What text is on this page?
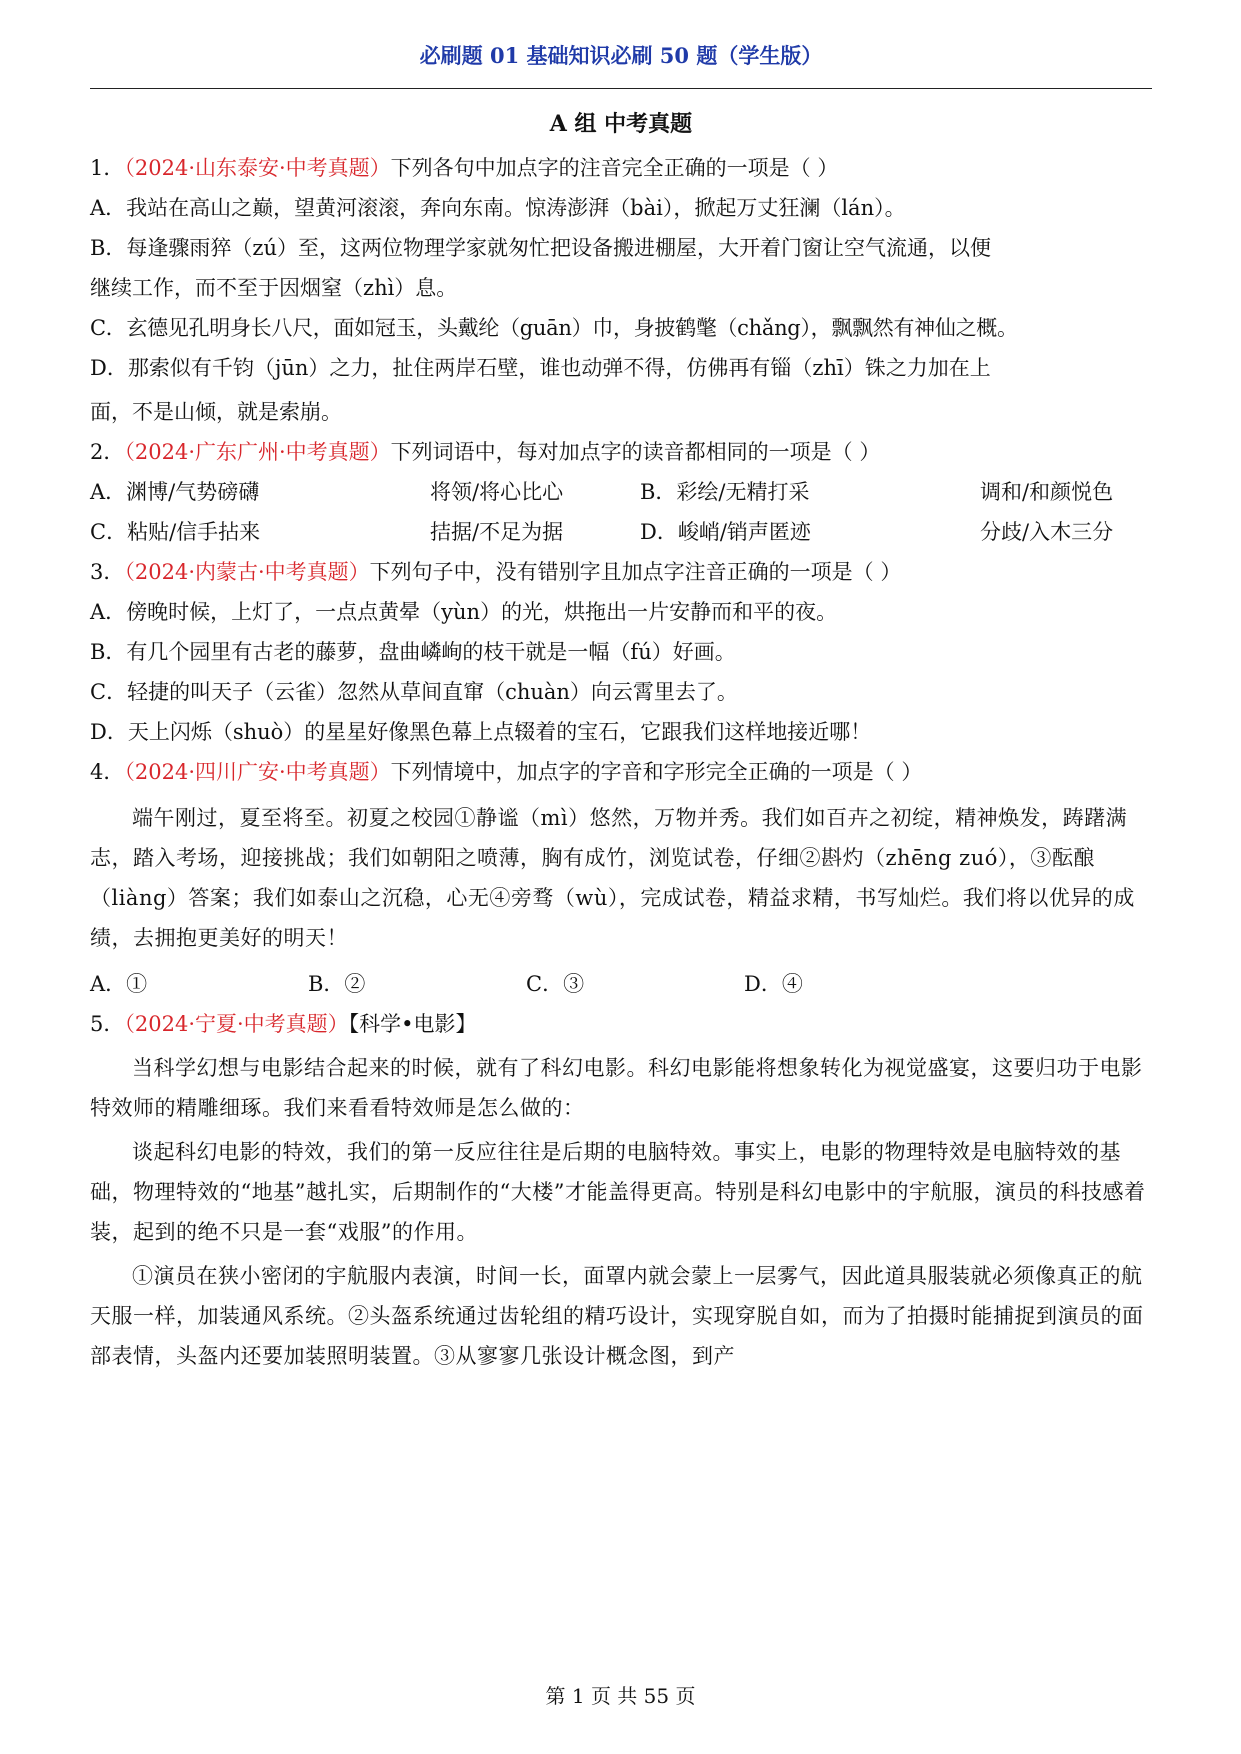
必刷题 01 基础知识必刷 50 题（学生版）
A 组 中考真题
1．（2024·山东泰安·中考真题）下列各句中加点字的注音完全正确的一项是（ ）
A．我站在高山之巅，望黄河滚滚，奔向东南。惊涛澎湃（bài），掀起万丈狂澜（lán）。
B．每逢骤雨猝（zú）至，这两位物理学家就匆忙把设备搬进棚屋，大开着门窗让空气流通，以便
继续工作，而不至于因烟窒（zhì）息。
C．玄德见孔明身长八尺，面如冠玉，头戴纶（guān）巾，身披鹤氅（chǎng），飘飘然有神仙之概。
D．那索似有千钧（jūn）之力，扯住两岸石壁，谁也动弹不得，仿佛再有锱（zhī）铢之力加在上
面，不是山倾，就是索崩。
2．（2024·广东广州·中考真题）下列词语中，每对加点字的读音都相同的一项是（ ）
A．渊博/气势磅礴	将领/将心比心	B．彩绘/无精打采	调和/和颜悦色
C．粘贴/信手拈来	拮据/不足为据	D．峻峭/销声匿迹	分歧/入木三分
3．（2024·内蒙古·中考真题）下列句子中，没有错别字且加点字注音正确的一项是（ ）
A．傍晚时候，上灯了，一点点黄晕（yùn）的光，烘拖出一片安静而和平的夜。
B．有几个园里有古老的藤萝，盘曲嶙峋的枝干就是一幅（fú）好画。
C．轻捷的叫天子（云雀）忽然从草间直窜（chuàn）向云霄里去了。
D．天上闪烁（shuò）的星星好像黑色幕上点辍着的宝石，它跟我们这样地接近哪！
4．（2024·四川广安·中考真题）下列情境中，加点字的字音和字形完全正确的一项是（ ）
端午刚过，夏至将至。初夏之校园①静谧（mì）悠然，万物并秀。我们如百卉之初绽，精神焕发，踌躇满志，踏入考场，迎接挑战；我们如朝阳之喷薄，胸有成竹，浏览试卷，仔细②斟灼（zhēng zuó），③酝酿（liàng）答案；我们如泰山之沉稳，心无④旁骛（wù），完成试卷，精益求精，书写灿烂。我们将以优异的成绩，去拥抱更美好的明天！
A．①	B．②	C．③	D．④
5．（2024·宁夏·中考真题）【科学•电影】
当科学幻想与电影结合起来的时候，就有了科幻电影。科幻电影能将想象转化为视觉盛宴，这要归功于电影特效师的精雕细琢。我们来看看特效师是怎么做的：
谈起科幻电影的特效，我们的第一反应往往是后期的电脑特效。事实上，电影的物理特效是电脑特效的基础，物理特效的“地基”越扎实，后期制作的“大楼”才能盖得更高。特别是科幻电影中的宇航服，演员的科技感着装，起到的绝不只是一套“戏服”的作用。
①演员在狭小密闭的宇航服内表演，时间一长，面罩内就会蒙上一层雾气，因此道具服装就必须像真正的航天服一样，加装通风系统。②头盔系统通过齿轮组的精巧设计，实现穿脱自如，而为了拍摄时能捕捉到演员的面部表情，头盔内还要加装照明装置。③从寥寥几张设计概念图，到产
第 1 页 共 55 页
